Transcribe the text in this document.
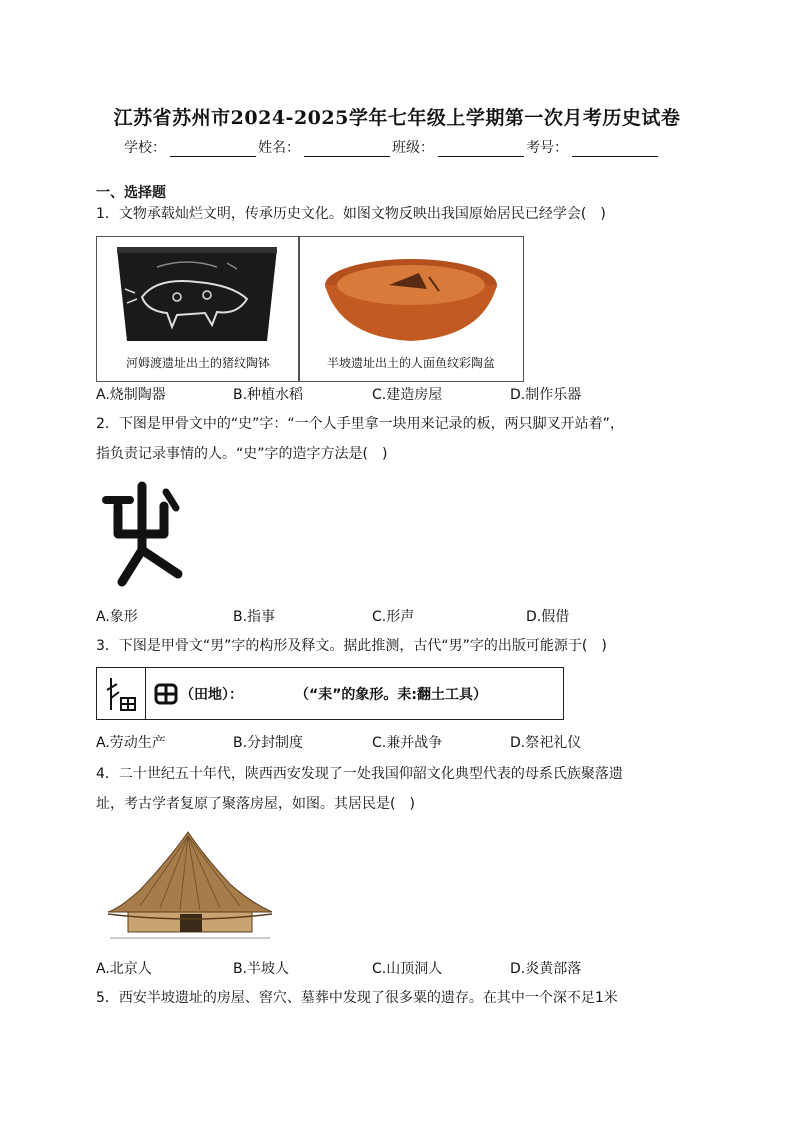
江苏省苏州市2024-2025学年七年级上学期第一次月考历史试卷
学校：	姓名：	班级：	考号：
一、选择题
1．文物承载灿烂文明，传承历史文化。如图文物反映出我国原始居民已经学会(　)
河姆渡遗址出土的猪纹陶钵	半坡遗址出土的人面鱼纹彩陶盆
A.烧制陶器	B.种植水稻	C.建造房屋	D.制作乐器
2．下图是甲骨文中的“史”字：“一个人手里拿一块用来记录的板，两只脚叉开站着”，
指负责记录事情的人。“史”字的造字方法是(　)
A.象形	B.指事	C.形声	D.假借
3．下图是甲骨文“男”字的构形及释文。据此推测，古代“男”字的出版可能源于(　)
（田地）：	（“耒”的象形。耒:翻土工具）
A.劳动生产	B.分封制度	C.兼并战争	D.祭祀礼仪
4．二十世纪五十年代，陕西西安发现了一处我国仰韶文化典型代表的母系氏族聚落遗
址，考古学者复原了聚落房屋，如图。其居民是(　)
A.北京人	B.半坡人	C.山顶洞人	D.炎黄部落
5．西安半坡遗址的房屋、窖穴、墓葬中发现了很多粟的遗存。在其中一个深不足1米
